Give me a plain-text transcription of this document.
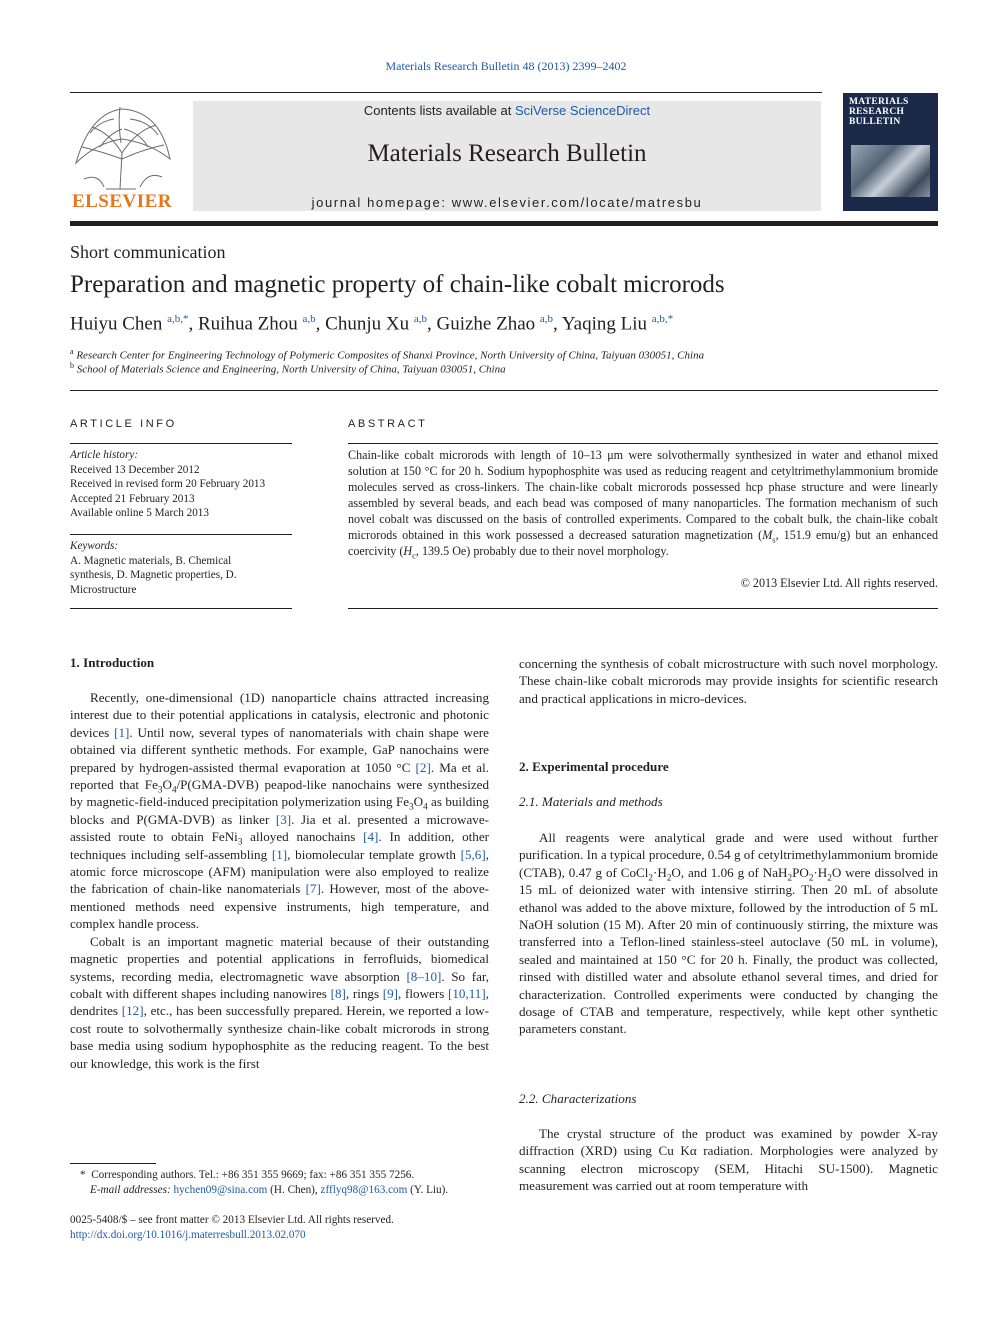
Materials Research Bulletin 48 (2013) 2399–2402
Contents lists available at SciVerse ScienceDirect
Materials Research Bulletin
journal homepage: www.elsevier.com/locate/matresbu
ELSEVIER
MATERIALS RESEARCH BULLETIN
Short communication
Preparation and magnetic property of chain-like cobalt microrods
Huiyu Chen $^{a,b,*}$, Ruihua Zhou $^{a,b}$, Chunju Xu $^{a,b}$, Guizhe Zhao $^{a,b}$, Yaqing Liu $^{a,b,*}$
$^a$ Research Center for Engineering Technology of Polymeric Composites of Shanxi Province, North University of China, Taiyuan 030051, China
$^b$ School of Materials Science and Engineering, North University of China, Taiyuan 030051, China
ARTICLE INFO
Article history:
Received 13 December 2012
Received in revised form 20 February 2013
Accepted 21 February 2013
Available online 5 March 2013
Keywords:
A. Magnetic materials, B. Chemical
synthesis, D. Magnetic properties, D.
Microstructure
ABSTRACT
Chain-like cobalt microrods with length of 10–13 μm were solvothermally synthesized in water and ethanol mixed solution at 150 °C for 20 h. Sodium hypophosphite was used as reducing reagent and cetyltrimethylammonium bromide molecules served as cross-linkers. The chain-like cobalt microrods possessed hcp phase structure and were linearly assembled by several beads, and each bead was composed of many nanoparticles. The formation mechanism of such novel cobalt was discussed on the basis of controlled experiments. Compared to the cobalt bulk, the chain-like cobalt microrods obtained in this work possessed a decreased saturation magnetization ($M_s$, 151.9 emu/g) but an enhanced coercivity ($H_c$, 139.5 Oe) probably due to their novel morphology.
© 2013 Elsevier Ltd. All rights reserved.
1. Introduction

Recently, one-dimensional (1D) nanoparticle chains attracted increasing interest due to their potential applications in catalysis, electronic and photonic devices [1]. Until now, several types of nanomaterials with chain shape were obtained via different synthetic methods. For example, GaP nanochains were prepared by hydrogen-assisted thermal evaporation at 1050 °C [2]. Ma et al. reported that $Fe_3O_4/P(GMA-DVB)$ peapod-like nanochains were synthesized by magnetic-field-induced precipitation polymerization using $Fe_3O_4$ as building blocks and P(GMA-DVB) as linker [3]. Jia et al. presented a microwave-assisted route to obtain FeNi$_3$ alloyed nanochains [4]. In addition, other techniques including self-assembling [1], biomolecular template growth [5,6], atomic force microscope (AFM) manipulation were also employed to realize the fabrication of chain-like nanomaterials [7]. However, most of the above-mentioned methods need expensive instruments, high temperature, and complex handle process.

Cobalt is an important magnetic material because of their outstanding magnetic properties and potential applications in ferrofluids, biomedical systems, recording media, electromagnetic wave absorption [8–10]. So far, cobalt with different shapes including nanowires [8], rings [9], flowers [10,11], dendrites [12], etc., has been successfully prepared. Herein, we reported a low-cost route to solvothermally synthesize chain-like cobalt microrods in strong base media using sodium hypophosphite as the reducing reagent. To the best our knowledge, this work is the first

concerning the synthesis of cobalt microstructure with such novel morphology. These chain-like cobalt microrods may provide insights for scientific research and practical applications in micro-devices.

2. Experimental procedure
2.1. Materials and methods

All reagents were analytical grade and were used without further purification. In a typical procedure, 0.54 g of cetyltrimethylammonium bromide (CTAB), 0.47 g of $CoCl_2\cdot H_2O$, and 1.06 g of $NaH_2PO_2\cdot H_2O$ were dissolved in 15 mL of deionized water with intensive stirring. Then 20 mL of absolute ethanol was added to the above mixture, followed by the introduction of 5 mL NaOH solution (15 M). After 20 min of continuously stirring, the mixture was transferred into a Teflon-lined stainless-steel autoclave (50 mL in volume), sealed and maintained at 150 °C for 20 h. Finally, the product was collected, rinsed with distilled water and absolute ethanol several times, and dried for characterization. Controlled experiments were conducted by changing the dosage of CTAB and temperature, respectively, while kept other synthetic parameters constant.

2.2. Characterizations

The crystal structure of the product was examined by powder X-ray diffraction (XRD) using Cu Kα radiation. Morphologies were analyzed by scanning electron microscopy (SEM, Hitachi SU-1500). Magnetic measurement was carried out at room temperature with

* Corresponding authors. Tel.: +86 351 355 9669; fax: +86 351 355 7256.
E-mail addresses: hychen09@sina.com (H. Chen), zfflyq98@163.com (Y. Liu).
0025-5408/$ – see front matter © 2013 Elsevier Ltd. All rights reserved.
http://dx.doi.org/10.1016/j.materresbull.2013.02.070
